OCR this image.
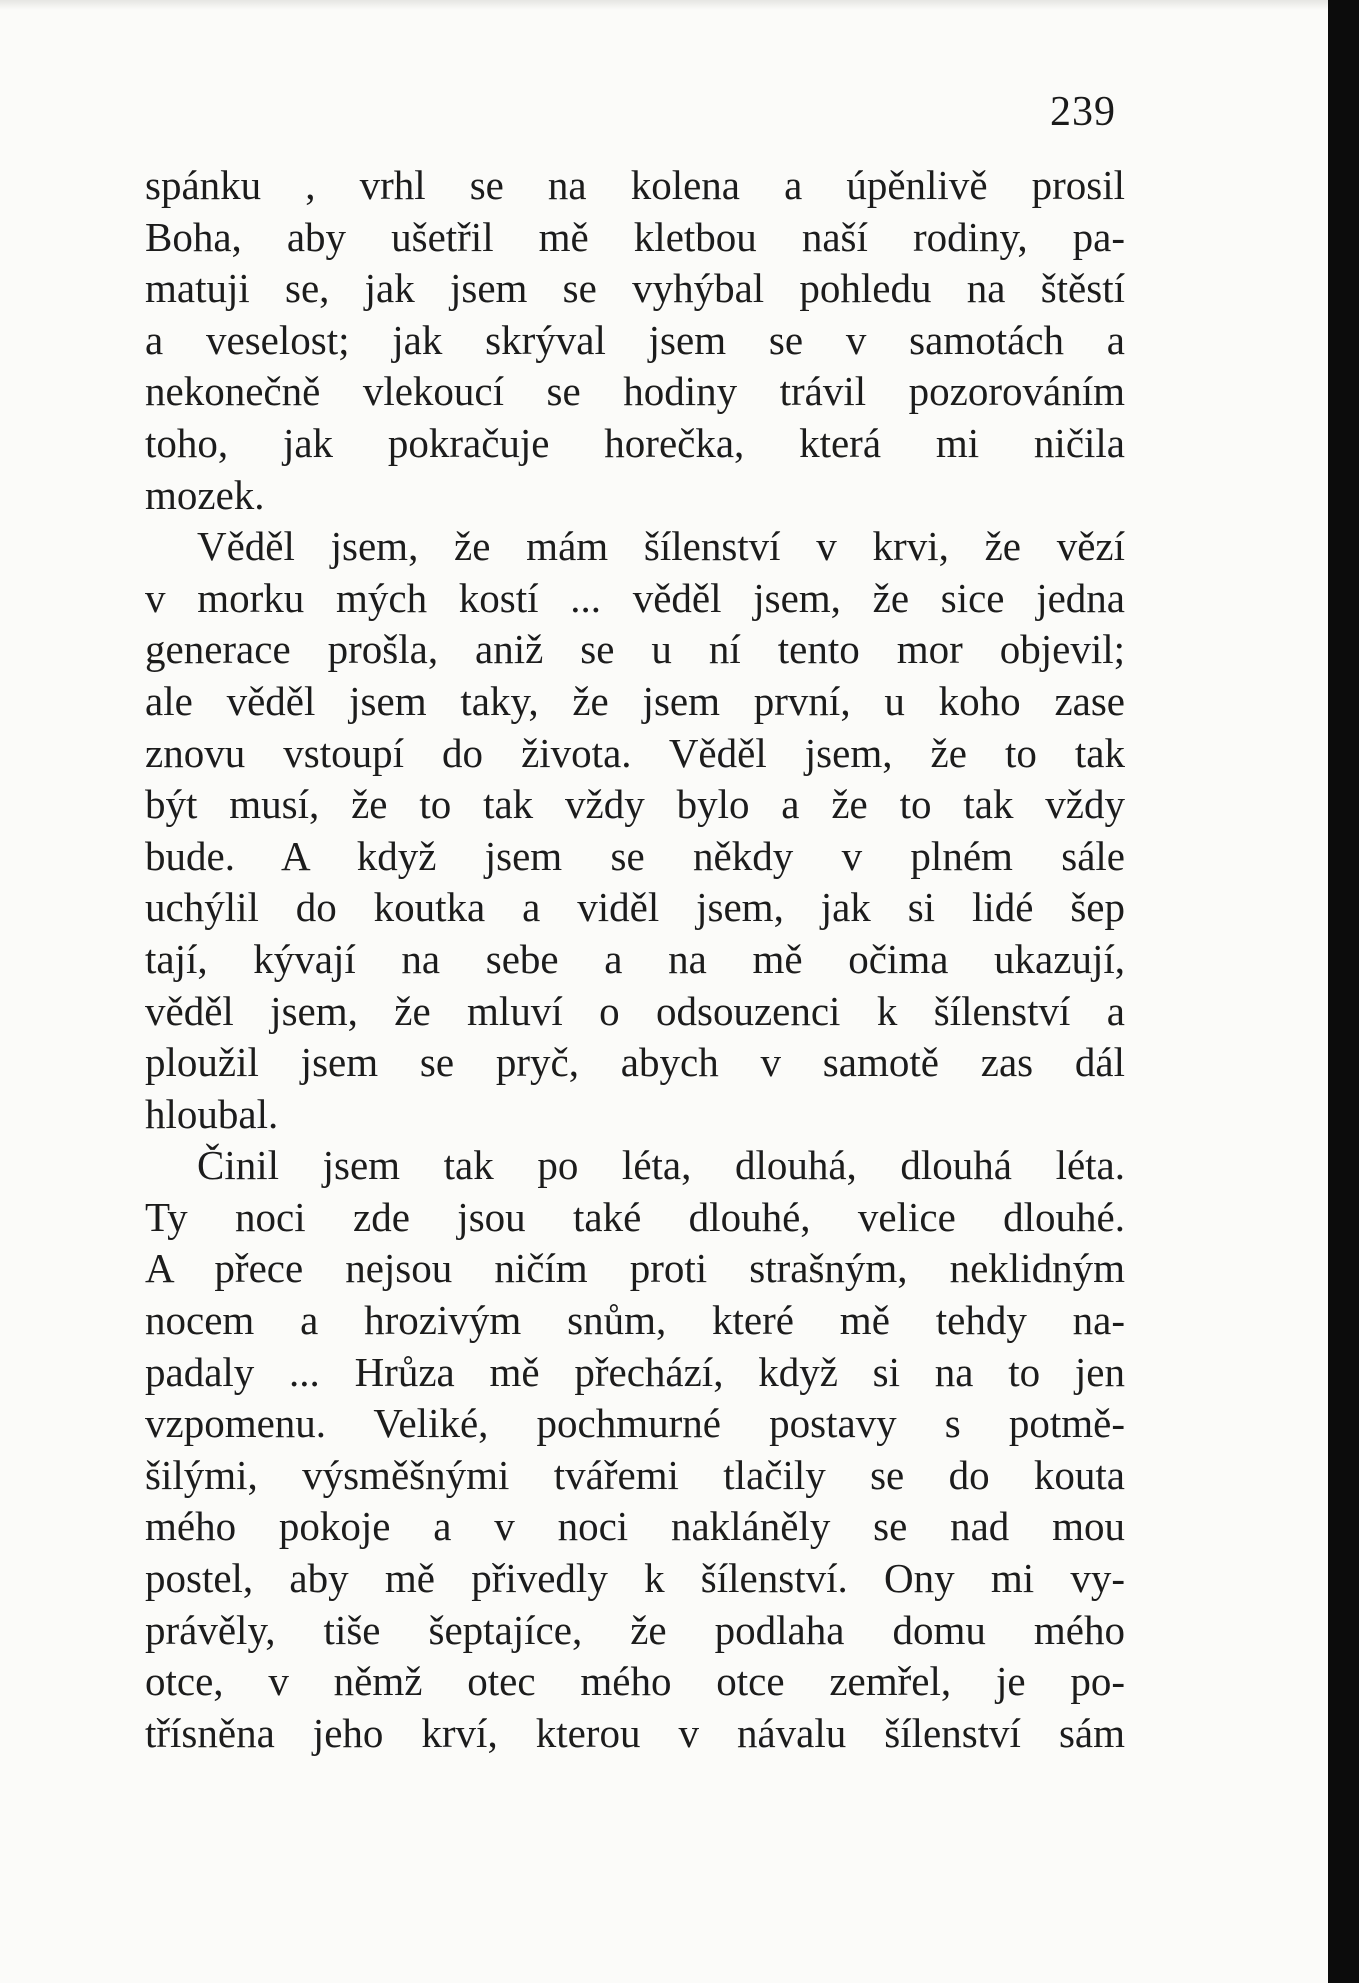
239
spánku , vrhl se na kolena a úpěnlivě prosil
Boha, aby ušetřil mě kletbou naší rodiny, pa-
matuji se, jak jsem se vyhýbal pohledu na štěstí
a veselost; jak skrýval jsem se v samotách a
nekonečně vlekoucí se hodiny trávil pozorováním
toho, jak pokračuje horečka, která mi ničila
mozek.
Věděl jsem, že mám šílenství v krvi, že vězí
v morku mých kostí ... věděl jsem, že sice jedna
generace prošla, aniž se u ní tento mor objevil;
ale věděl jsem taky, že jsem první, u koho zase
znovu vstoupí do života. Věděl jsem, že to tak
být musí, že to tak vždy bylo a že to tak vždy
bude. A když jsem se někdy v plném sále
uchýlil do koutka a viděl jsem, jak si lidé šep
tají, kývají na sebe a na mě očima ukazují,
věděl jsem, že mluví o odsouzenci k šílenství a
ploužil jsem se pryč, abych v samotě zas dál
hloubal.
Činil jsem tak po léta, dlouhá, dlouhá léta.
Ty noci zde jsou také dlouhé, velice dlouhé.
A přece nejsou ničím proti strašným, neklidným
nocem a hrozivým snům, které mě tehdy na-
padaly ... Hrůza mě přechází, když si na to jen
vzpomenu. Veliké, pochmurné postavy s potmě-
šilými, výsměšnými tvářemi tlačily se do kouta
mého pokoje a v noci nakláněly se nad mou
postel, aby mě přivedly k šílenství. Ony mi vy-
právěly, tiše šeptajíce, že podlaha domu mého
otce, v němž otec mého otce zemřel, je po-
třísněna jeho krví, kterou v návalu šílenství sám
